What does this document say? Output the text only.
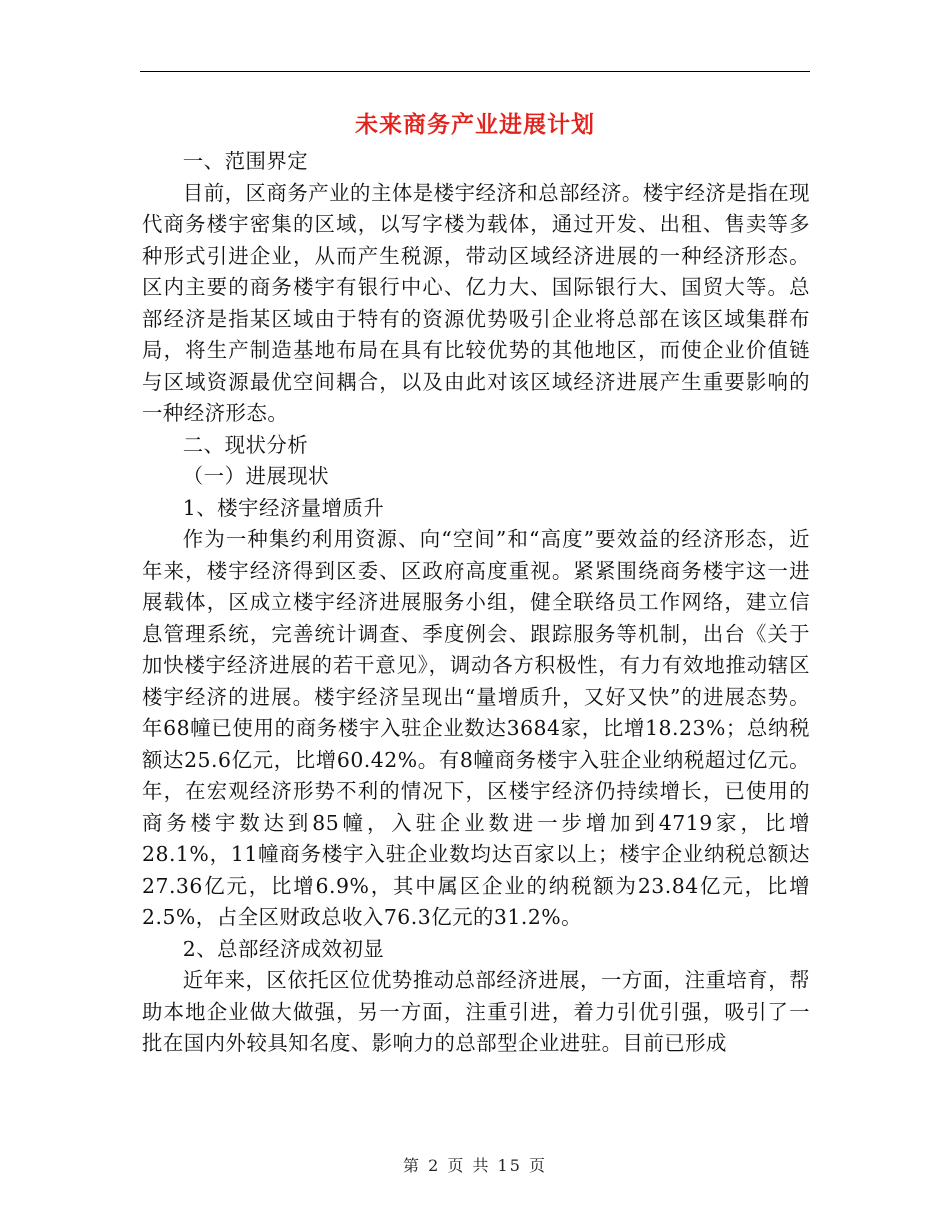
未来商务产业进展计划

一、范围界定

目前，区商务产业的主体是楼宇经济和总部经济。楼宇经济是指在现代商务楼宇密集的区域，以写字楼为载体，通过开发、出租、售卖等多种形式引进企业，从而产生税源，带动区域经济进展的一种经济形态。区内主要的商务楼宇有银行中心、亿力大、国际银行大、国贸大等。总部经济是指某区域由于特有的资源优势吸引企业将总部在该区域集群布局，将生产制造基地布局在具有比较优势的其他地区，而使企业价值链与区域资源最优空间耦合，以及由此对该区域经济进展产生重要影响的一种经济形态。

二、现状分析

（一）进展现状

1、楼宇经济量增质升

作为一种集约利用资源、向“空间”和“高度”要效益的经济形态，近年来，楼宇经济得到区委、区政府高度重视。紧紧围绕商务楼宇这一进展载体，区成立楼宇经济进展服务小组，健全联络员工作网络，建立信息管理系统，完善统计调查、季度例会、跟踪服务等机制，出台《关于加快楼宇经济进展的若干意见》，调动各方积极性，有力有效地推动辖区楼宇经济的进展。楼宇经济呈现出“量增质升，又好又快”的进展态势。年68幢已使用的商务楼宇入驻企业数达3684家，比增18.23%；总纳税额达25.6亿元，比增60.42%。有8幢商务楼宇入驻企业纳税超过亿元。年，在宏观经济形势不利的情况下，区楼宇经济仍持续增长，已使用的商务楼宇数达到85幢，入驻企业数进一步增加到4719家，比增28.1%，11幢商务楼宇入驻企业数均达百家以上；楼宇企业纳税总额达27.36亿元，比增6.9%，其中属区企业的纳税额为23.84亿元，比增2.5%，占全区财政总收入76.3亿元的31.2%。

2、总部经济成效初显

近年来，区依托区位优势推动总部经济进展，一方面，注重培育，帮助本地企业做大做强，另一方面，注重引进，着力引优引强，吸引了一批在国内外较具知名度、影响力的总部型企业进驻。目前已形成

第 2 页 共 15 页
